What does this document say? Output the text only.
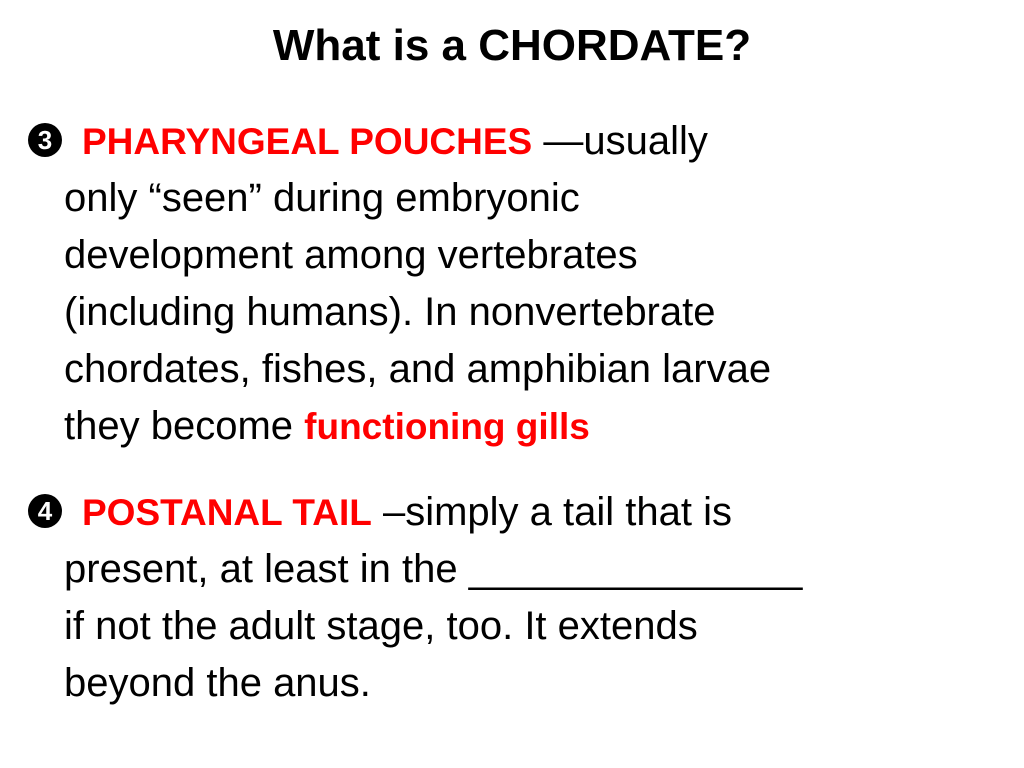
What is a CHORDATE?
3 PHARYNGEAL POUCHES —usually
only “seen” during embryonic
development among vertebrates
(including humans). In nonvertebrate
chordates, fishes, and amphibian larvae
they become functioning gills
4 POSTANAL TAIL –simply a tail that is
present, at least in the _______________
if not the adult stage, too. It extends
beyond the anus.
